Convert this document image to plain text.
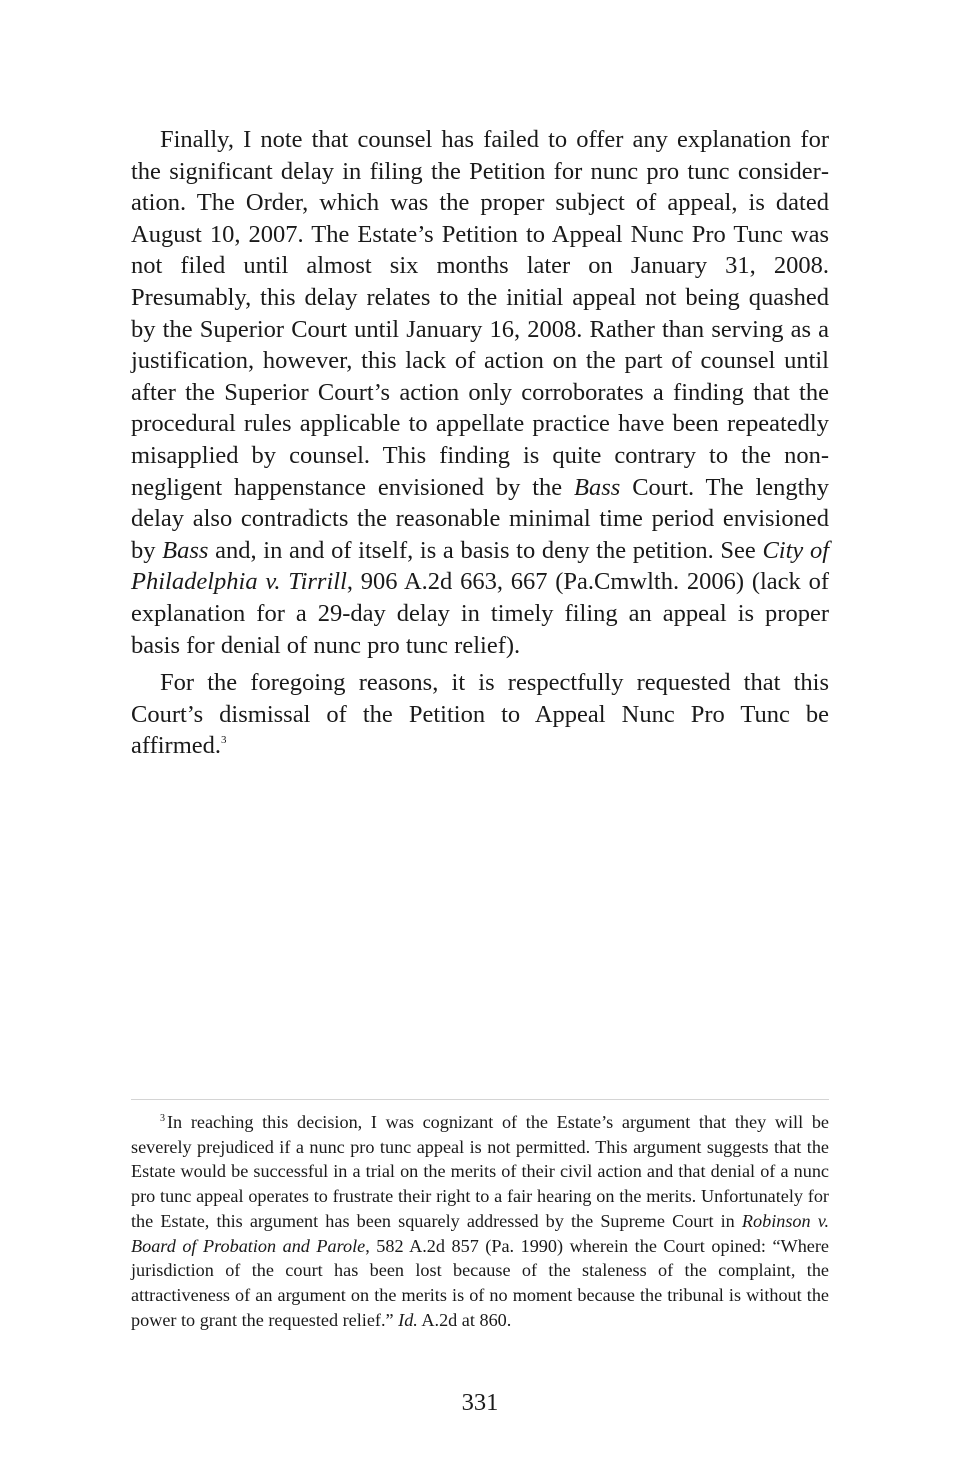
Finally, I note that counsel has failed to offer any explanation for the significant delay in filing the Petition for nunc pro tunc consideration. The Order, which was the proper subject of appeal, is dated August 10, 2007. The Estate’s Petition to Appeal Nunc Pro Tunc was not filed until almost six months later on January 31, 2008. Presumably, this delay relates to the initial appeal not being quashed by the Superior Court until January 16, 2008. Rather than serving as a justification, however, this lack of action on the part of counsel until after the Superior Court’s action only corroborates a finding that the procedural rules applicable to appellate practice have been repeatedly misapplied by counsel. This finding is quite contrary to the non-negligent happenstance envisioned by the Bass Court. The lengthy delay also contradicts the reasonable minimal time period envisioned by Bass and, in and of itself, is a basis to deny the petition. See City of Philadelphia v. Tirrill, 906 A.2d 663, 667 (Pa.Cmwlth. 2006) (lack of explanation for a 29-day delay in timely filing an appeal is proper basis for denial of nunc pro tunc relief).

For the foregoing reasons, it is respectfully requested that this Court’s dismissal of the Petition to Appeal Nunc Pro Tunc be affirmed.$^3$

$^3$ In reaching this decision, I was cognizant of the Estate’s argument that they will be severely prejudiced if a nunc pro tunc appeal is not permitted. This argument suggests that the Estate would be successful in a trial on the merits of their civil action and that denial of a nunc pro tunc appeal operates to frustrate their right to a fair hearing on the merits. Unfortunately for the Estate, this argument has been squarely addressed by the Supreme Court in Robinson v. Board of Probation and Parole, 582 A.2d 857 (Pa. 1990) wherein the Court opined: “Where jurisdiction of the court has been lost because of the staleness of the complaint, the attractiveness of an argument on the merits is of no moment because the tribunal is without the power to grant the requested relief.” Id. A.2d at 860.

331
